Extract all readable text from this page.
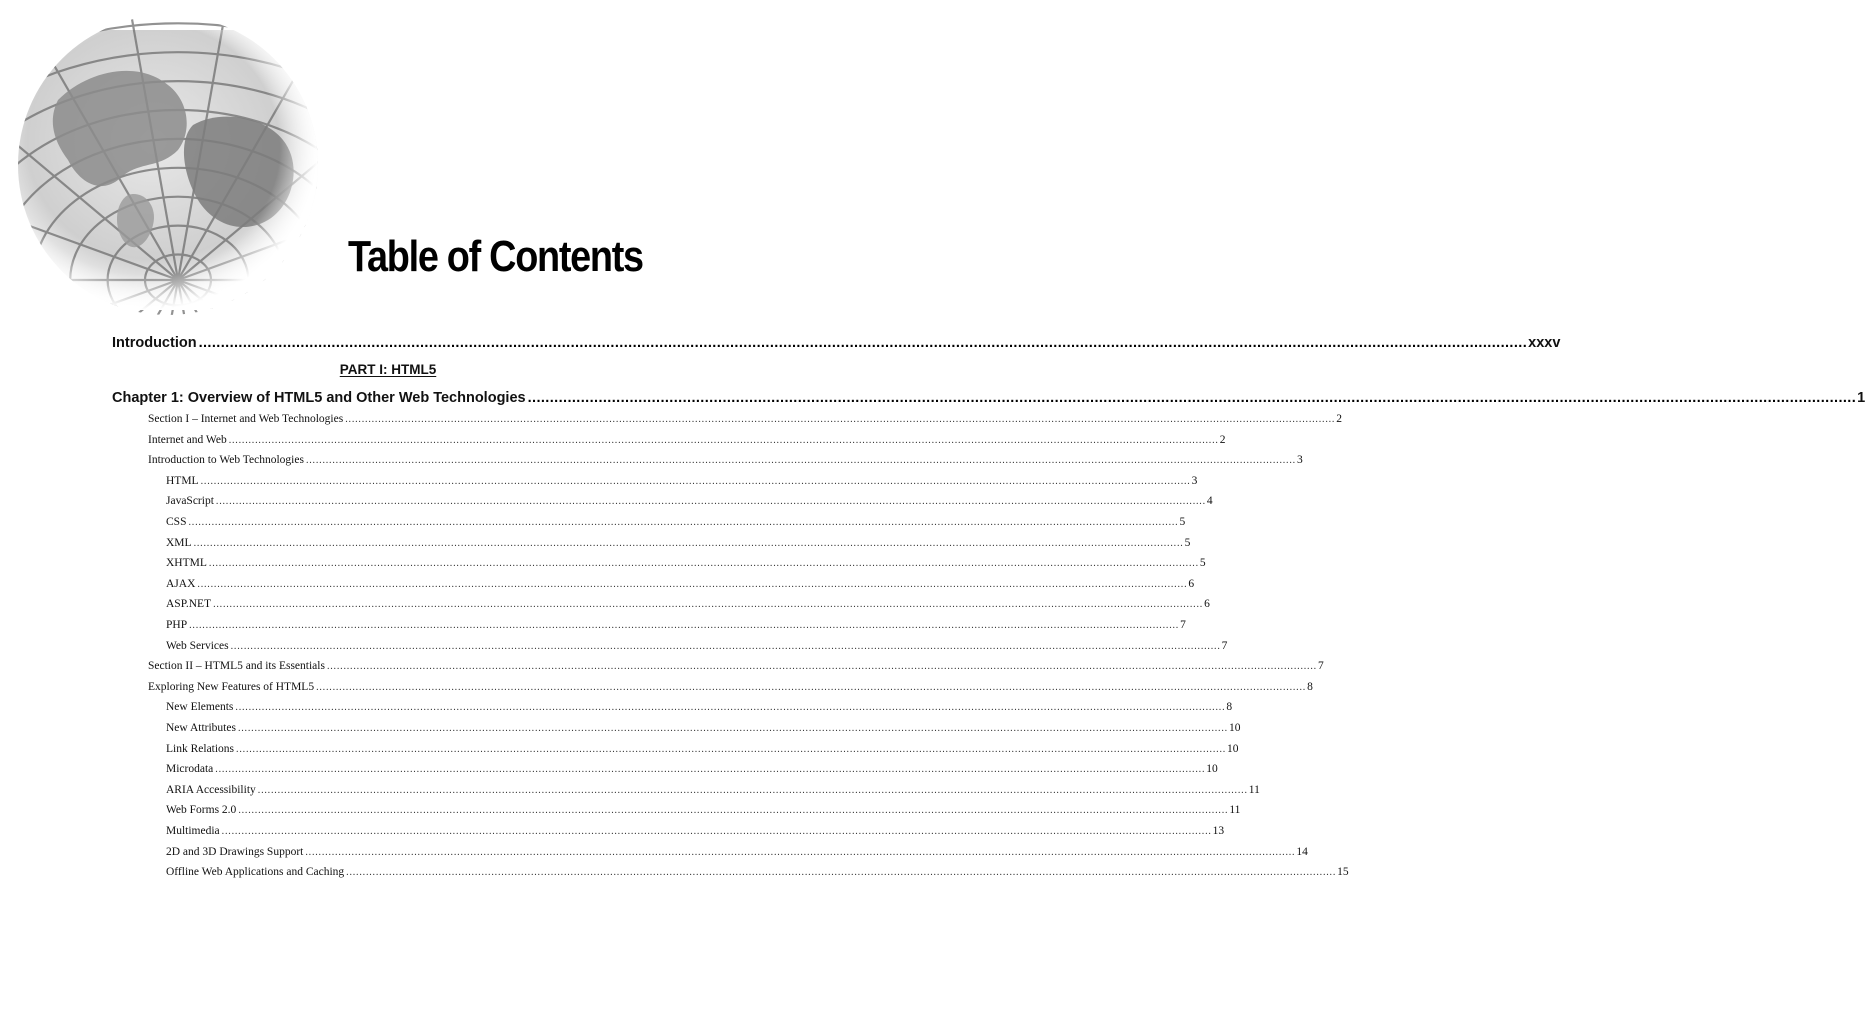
Table of Contents
Introduction ............................................................................................................................................................................................................................................................................................................ xxxv
PART I: HTML5
Chapter 1: Overview of HTML5 and Other Web Technologies ............................................................................................................................................................................................................................................................................................................ 1
Section I – Internet and Web Technologies ............................................................................................................................................................................................................................................................................................................ 2
Internet and Web ............................................................................................................................................................................................................................................................................................................ 2
Introduction to Web Technologies ............................................................................................................................................................................................................................................................................................................ 3
HTML ............................................................................................................................................................................................................................................................................................................ 3
JavaScript ............................................................................................................................................................................................................................................................................................................ 4
CSS ............................................................................................................................................................................................................................................................................................................ 5
XML ............................................................................................................................................................................................................................................................................................................ 5
XHTML ............................................................................................................................................................................................................................................................................................................ 5
AJAX ............................................................................................................................................................................................................................................................................................................ 6
ASP.NET ............................................................................................................................................................................................................................................................................................................ 6
PHP ............................................................................................................................................................................................................................................................................................................ 7
Web Services ............................................................................................................................................................................................................................................................................................................ 7
Section II – HTML5 and its Essentials ............................................................................................................................................................................................................................................................................................................ 7
Exploring New Features of HTML5 ............................................................................................................................................................................................................................................................................................................ 8
New Elements ............................................................................................................................................................................................................................................................................................................ 8
New Attributes ............................................................................................................................................................................................................................................................................................................ 10
Link Relations ............................................................................................................................................................................................................................................................................................................ 10
Microdata ............................................................................................................................................................................................................................................................................................................ 10
ARIA Accessibility ............................................................................................................................................................................................................................................................................................................ 11
Web Forms 2.0 ............................................................................................................................................................................................................................................................................................................ 11
Multimedia ............................................................................................................................................................................................................................................................................................................ 13
2D and 3D Drawings Support ............................................................................................................................................................................................................................................................................................................ 14
Offline Web Applications and Caching ............................................................................................................................................................................................................................................................................................................ 15
